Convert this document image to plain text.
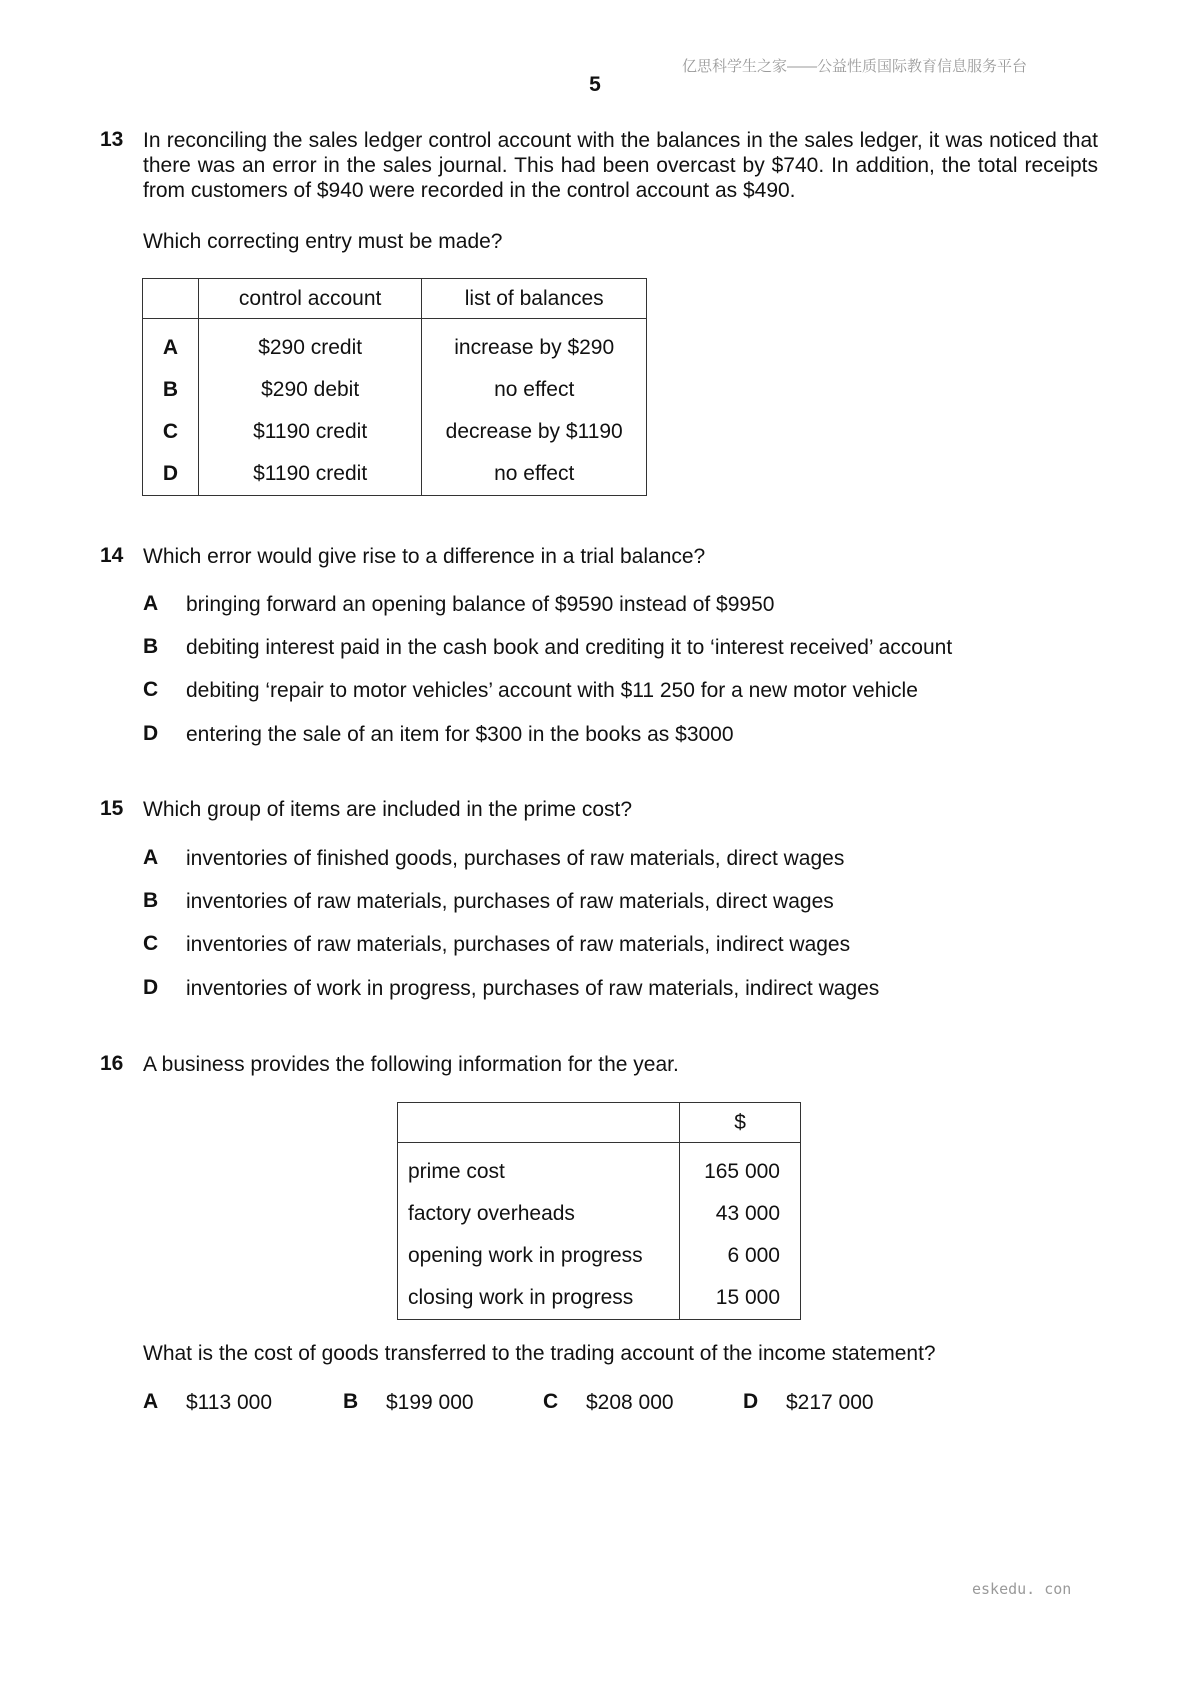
亿思科学生之家——公益性质国际教育信息服务平台
5
13 In reconciling the sales ledger control account with the balances in the sales ledger, it was noticed that there was an error in the sales journal. This had been overcast by $740. In addition, the total receipts from customers of $940 were recorded in the control account as $490.
Which correcting entry must be made?
	control account	list of balances
A	$290 credit	increase by $290
B	$290 debit	no effect
C	$1190 credit	decrease by $1190
D	$1190 credit	no effect
14 Which error would give rise to a difference in a trial balance?
A bringing forward an opening balance of $9590 instead of $9950
B debiting interest paid in the cash book and crediting it to ‘interest received’ account
C debiting ‘repair to motor vehicles’ account with $11 250 for a new motor vehicle
D entering the sale of an item for $300 in the books as $3000
15 Which group of items are included in the prime cost?
A inventories of finished goods, purchases of raw materials, direct wages
B inventories of raw materials, purchases of raw materials, direct wages
C inventories of raw materials, purchases of raw materials, indirect wages
D inventories of work in progress, purchases of raw materials, indirect wages
16 A business provides the following information for the year.
	$
prime cost	165 000
factory overheads	43 000
opening work in progress	6 000
closing work in progress	15 000
What is the cost of goods transferred to the trading account of the income statement?
A $113 000	B $199 000	C $208 000	D $217 000
eskedu. con
